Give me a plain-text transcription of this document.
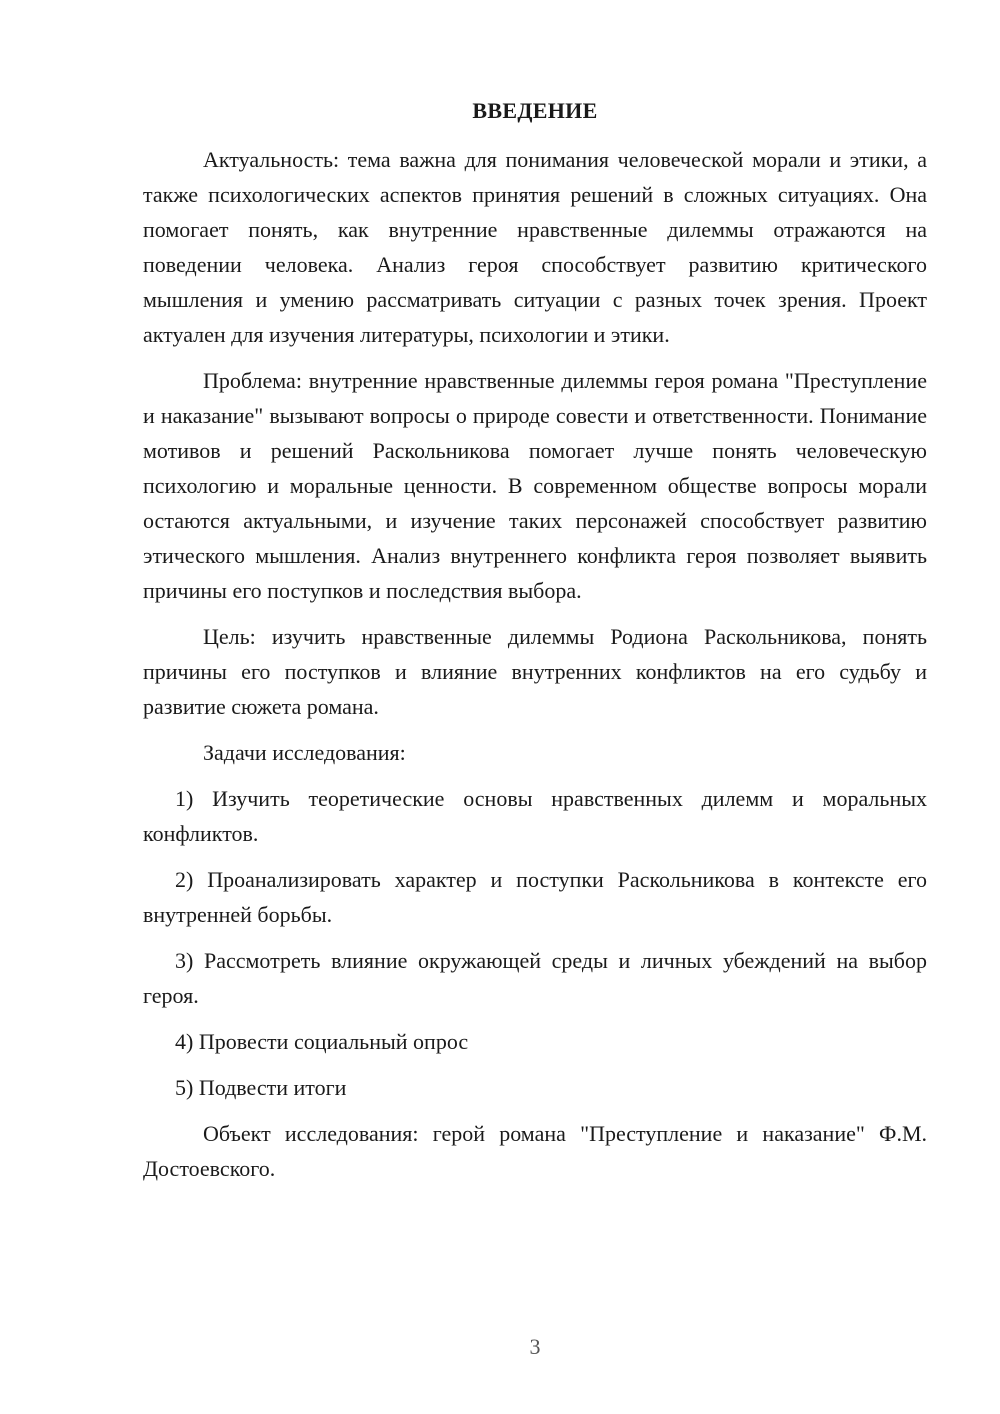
ВВЕДЕНИЕ

Актуальность: тема важна для понимания человеческой морали и этики, а также психологических аспектов принятия решений в сложных ситуациях. Она помогает понять, как внутренние нравственные дилеммы отражаются на поведении человека. Анализ героя способствует развитию критического мышления и умению рассматривать ситуации с разных точек зрения. Проект актуален для изучения литературы, психологии и этики.

Проблема: внутренние нравственные дилеммы героя романа "Преступление и наказание" вызывают вопросы о природе совести и ответственности. Понимание мотивов и решений Раскольникова помогает лучше понять человеческую психологию и моральные ценности. В современном обществе вопросы морали остаются актуальными, и изучение таких персонажей способствует развитию этического мышления. Анализ внутреннего конфликта героя позволяет выявить причины его поступков и последствия выбора.

Цель: изучить нравственные дилеммы Родиона Раскольникова, понять причины его поступков и влияние внутренних конфликтов на его судьбу и развитие сюжета романа.

Задачи исследования:

1) Изучить теоретические основы нравственных дилемм и моральных конфликтов.

2) Проанализировать характер и поступки Раскольникова в контексте его внутренней борьбы.

3) Рассмотреть влияние окружающей среды и личных убеждений на выбор героя.

4) Провести социальный опрос

5) Подвести итоги

Объект исследования: герой романа "Преступление и наказание" Ф.М. Достоевского.

3
